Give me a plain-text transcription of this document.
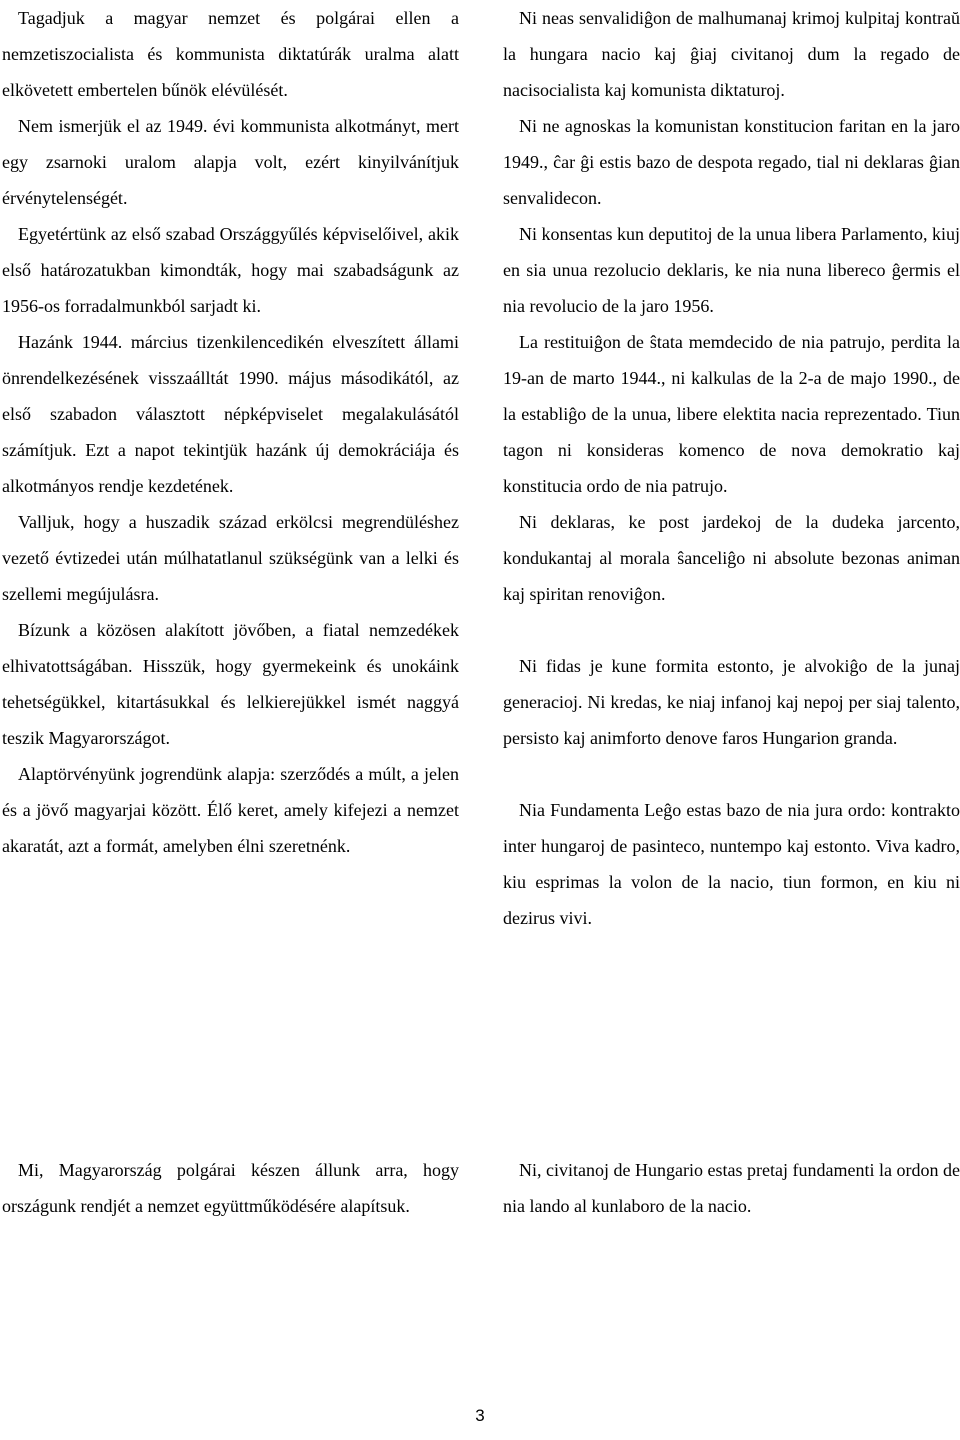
Tagadjuk a magyar nemzet és polgárai ellen a nemzetiszocialista és kommunista diktatúrák uralma alatt elkövetett embertelen bűnök elévülését.

Nem ismerjük el az 1949. évi kommunista alkotmányt, mert egy zsarnoki uralom alapja volt, ezért kinyilvánítjuk érvénytelenségét.

Egyetértünk az első szabad Országgyűlés képviselőivel, akik első határozatukban kimondták, hogy mai szabadságunk az 1956-os forradalmunkból sarjadt ki.

Hazánk 1944. március tizenkilencedikén elveszített állami önrendelkezésének visszaálltát 1990. május másodikától, az első szabadon választott népképviselet megalakulásától számítjuk. Ezt a napot tekintjük hazánk új demokráciája és alkotmányos rendje kezdetének.

Valljuk, hogy a huszadik század erkölcsi megrendüléshez vezető évtizedei után múlhatatlanul szükségünk van a lelki és szellemi megújulásra.

Bízunk a közösen alakított jövőben, a fiatal nemzedékek elhivatottságában. Hisszük, hogy gyermekeink és unokáink tehetségükkel, kitartásukkal és lelkierejükkel ismét naggyá teszik Magyarországot.

Alaptörvényünk jogrendünk alapja: szerződés a múlt, a jelen és a jövő magyarjai között. Élő keret, amely kifejezi a nemzet akaratát, azt a formát, amelyben élni szeretnénk.

Ni neas senvalidiĝon de malhumanaj krimoj kulpitaj kontraŭ la hungara nacio kaj ĝiaj civitanoj dum la regado de nacisocialista kaj komunista diktaturoj.

Ni ne agnoskas la komunistan konstitucion faritan en la jaro 1949., ĉar ĝi estis bazo de despota regado, tial ni deklaras ĝian senvalidecon.

Ni konsentas kun deputitoj de la unua libera Parlamento, kiuj en sia unua rezolucio deklaris, ke nia nuna libereco ĝermis el nia revolucio de la jaro 1956.

La restituiĝon de ŝtata memdecido de nia patrujo, perdita la 19-an de marto 1944., ni kalkulas de la 2-a de majo 1990., de la establiĝo de la unua, libere elektita nacia reprezentado. Tiun tagon ni konsideras komenco de nova demokratio kaj konstitucia ordo de nia patrujo.

Ni deklaras, ke post jardekoj de la dudeka jarcento, kondukantaj al morala ŝanceliĝo ni absolute bezonas animan kaj spiritan renoviĝon.

Ni fidas je kune formita estonto, je alvokiĝo de la junaj generacioj. Ni kredas, ke niaj infanoj kaj nepoj per siaj talento, persisto kaj animforto denove faros Hungarion granda.

Nia Fundamenta Leĝo estas bazo de nia jura ordo: kontrakto inter hungaroj de pasinteco, nuntempo kaj estonto. Viva kadro, kiu esprimas la volon de la nacio, tiun formon, en kiu ni dezirus vivi.

Mi, Magyarország polgárai készen állunk arra, hogy országunk rendjét a nemzet együttműködésére alapítsuk.

Ni, civitanoj de Hungario estas pretaj fundamenti la ordon de nia lando al kunlaboro de la nacio.

3
